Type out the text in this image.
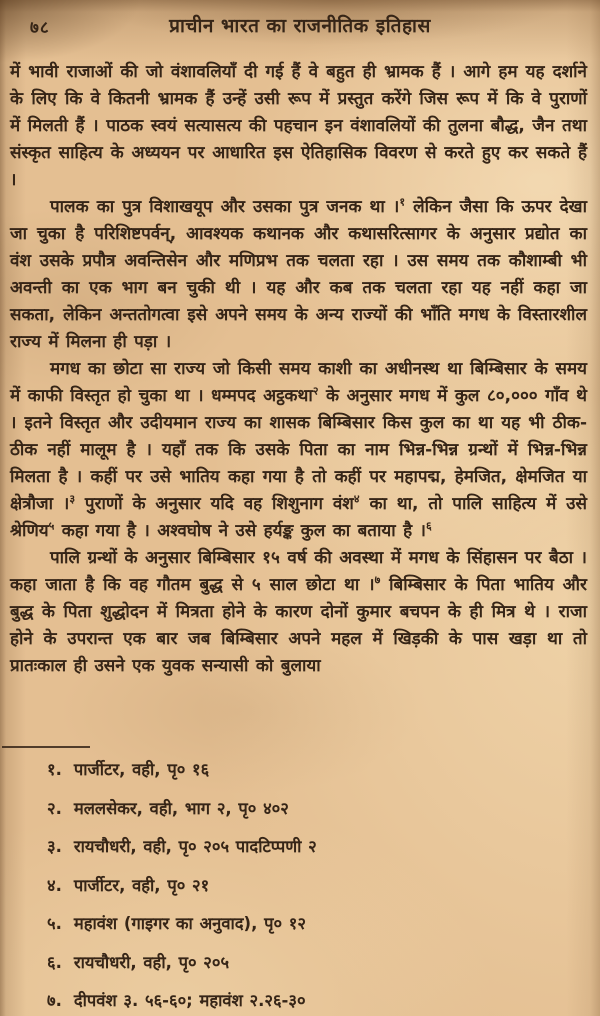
७८	प्राचीन भारत का राजनीतिक इतिहास

में भावी राजाओं की जो वंशावलियाँ दी गई हैं वे बहुत ही भ्रामक हैं । आगे हम यह दर्शाने के लिए कि वे कितनी भ्रामक हैं उन्हें उसी रूप में प्रस्तुत करेंगे जिस रूप में कि वे पुराणों में मिलती हैं । पाठक स्वयं सत्यासत्य की पहचान इन वंशावलियों की तुलना बौद्ध, जैन तथा संस्कृत साहित्य के अध्ययन पर आधारित इस ऐतिहासिक विवरण से करते हुए कर सकते हैं ।

पालक का पुत्र विशाखयूप और उसका पुत्र जनक था ।$^१$ लेकिन जैसा कि ऊपर देखा जा चुका है परिशिष्टपर्वन्, आवश्यक कथानक और कथासरित्सागर के अनुसार प्रद्योत का वंश उसके प्रपौत्र अवन्तिसेन और मणिप्रभ तक चलता रहा । उस समय तक कौशाम्बी भी अवन्ती का एक भाग बन चुकी थी । यह और कब तक चलता रहा यह नहीं कहा जा सकता, लेकिन अन्ततोगत्वा इसे अपने समय के अन्य राज्यों की भाँति मगध के विस्तारशील राज्य में मिलना ही पड़ा ।

मगध का छोटा सा राज्य जो किसी समय काशी का अधीनस्थ था बिम्बिसार के समय में काफी विस्तृत हो चुका था । धम्मपद अट्ठकथा$^२$ के अनुसार मगध में कुल ८०,००० गाँव थे । इतने विस्तृत और उदीयमान राज्य का शासक बिम्बिसार किस कुल का था यह भी ठीक-ठीक नहीं मालूम है । यहाँ तक कि उसके पिता का नाम भिन्न-भिन्न ग्रन्थों में भिन्न-भिन्न मिलता है । कहीं पर उसे भातिय कहा गया है तो कहीं पर महापद्म, हेमजित, क्षेमजित या क्षेत्रौजा ।$^३$ पुराणों के अनुसार यदि वह शिशुनाग वंश$^४$ का था, तो पालि साहित्य में उसे श्रेणिय$^५$ कहा गया है । अश्वघोष ने उसे हर्यङ्क कुल का बताया है ।$^६$

पालि ग्रन्थों के अनुसार बिम्बिसार १५ वर्ष की अवस्था में मगध के सिंहासन पर बैठा । कहा जाता है कि वह गौतम बुद्ध से ५ साल छोटा था ।$^७$ बिम्बिसार के पिता भातिय और बुद्ध के पिता शुद्धोदन में मित्रता होने के कारण दोनों कुमार बचपन के ही मित्र थे । राजा होने के उपरान्त एक बार जब बिम्बिसार अपने महल में खिड़की के पास खड़ा था तो प्रातःकाल ही उसने एक युवक सन्यासी को बुलाया

१. पार्जीटर, वही, पृ० १६
२. मललसेकर, वही, भाग २, पृ० ४०२
३. रायचौधरी, वही, पृ० २०५ पादटिप्पणी २
४. पार्जीटर, वही, पृ० २१
५. महावंश (गाइगर का अनुवाद), पृ० १२
६. रायचौधरी, वही, पृ० २०५
७. दीपवंश ३. ५६-६०; महावंश २.२६-३०
